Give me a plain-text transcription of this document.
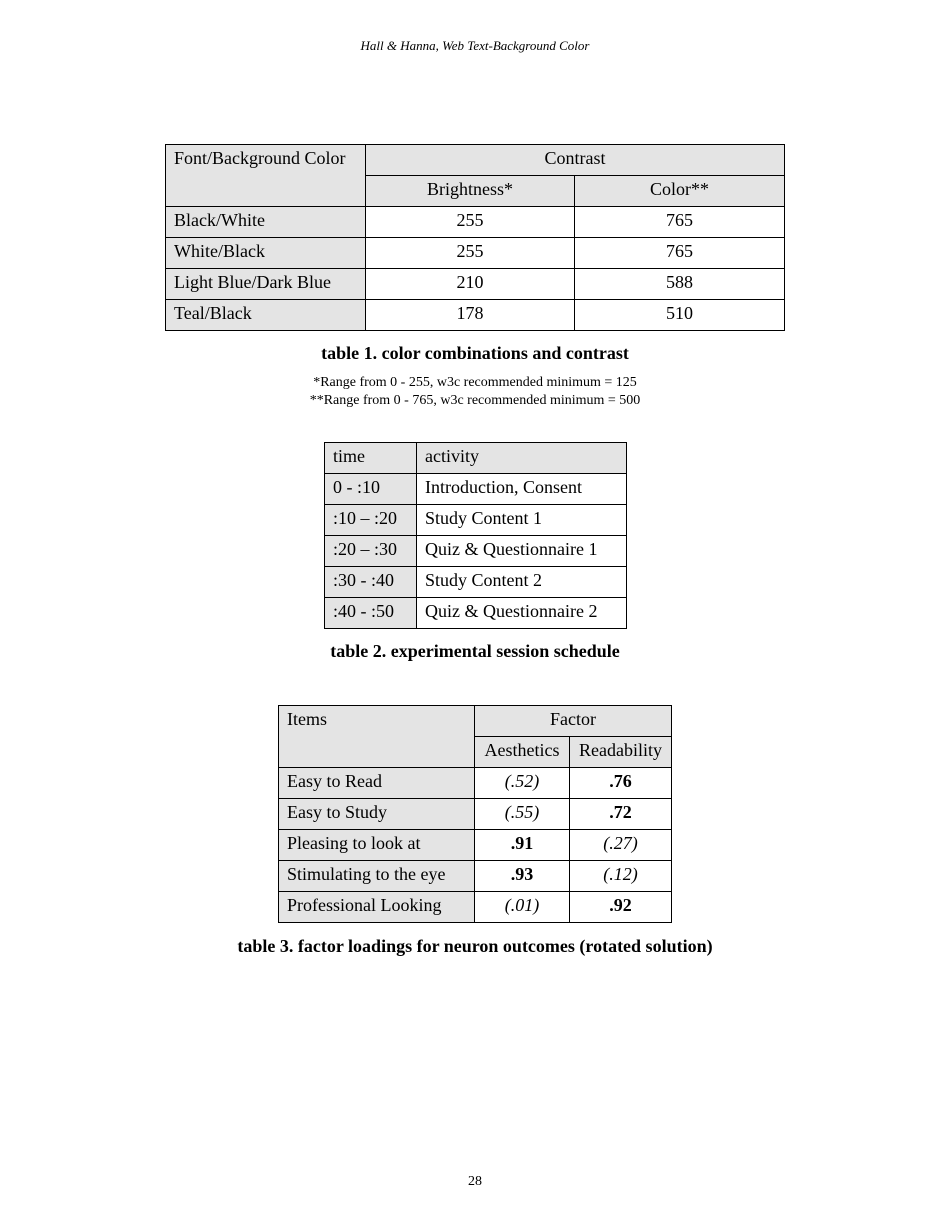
Hall & Hanna, Web Text-Background Color
Font/Background Color	Contrast	
	Brightness*	Color**
Black/White	255	765
White/Black	255	765
Light Blue/Dark Blue	210	588
Teal/Black	178	510
table 1. color combinations and contrast
*Range from 0 - 255, w3c recommended minimum = 125
**Range from 0 - 765, w3c recommended minimum = 500
time	activity
0 - :10	Introduction, Consent
:10 – :20	Study Content 1
:20 – :30	Quiz & Questionnaire 1
:30 - :40	Study Content 2
:40 - :50	Quiz & Questionnaire 2
table 2. experimental session schedule
Items	Factor	
	Aesthetics	Readability
Easy to Read	(.52)	.76
Easy to Study	(.55)	.72
Pleasing to look at	.91	(.27)
Stimulating to the eye	.93	(.12)
Professional Looking	(.01)	.92
table 3. factor loadings for neuron outcomes (rotated solution)
28
